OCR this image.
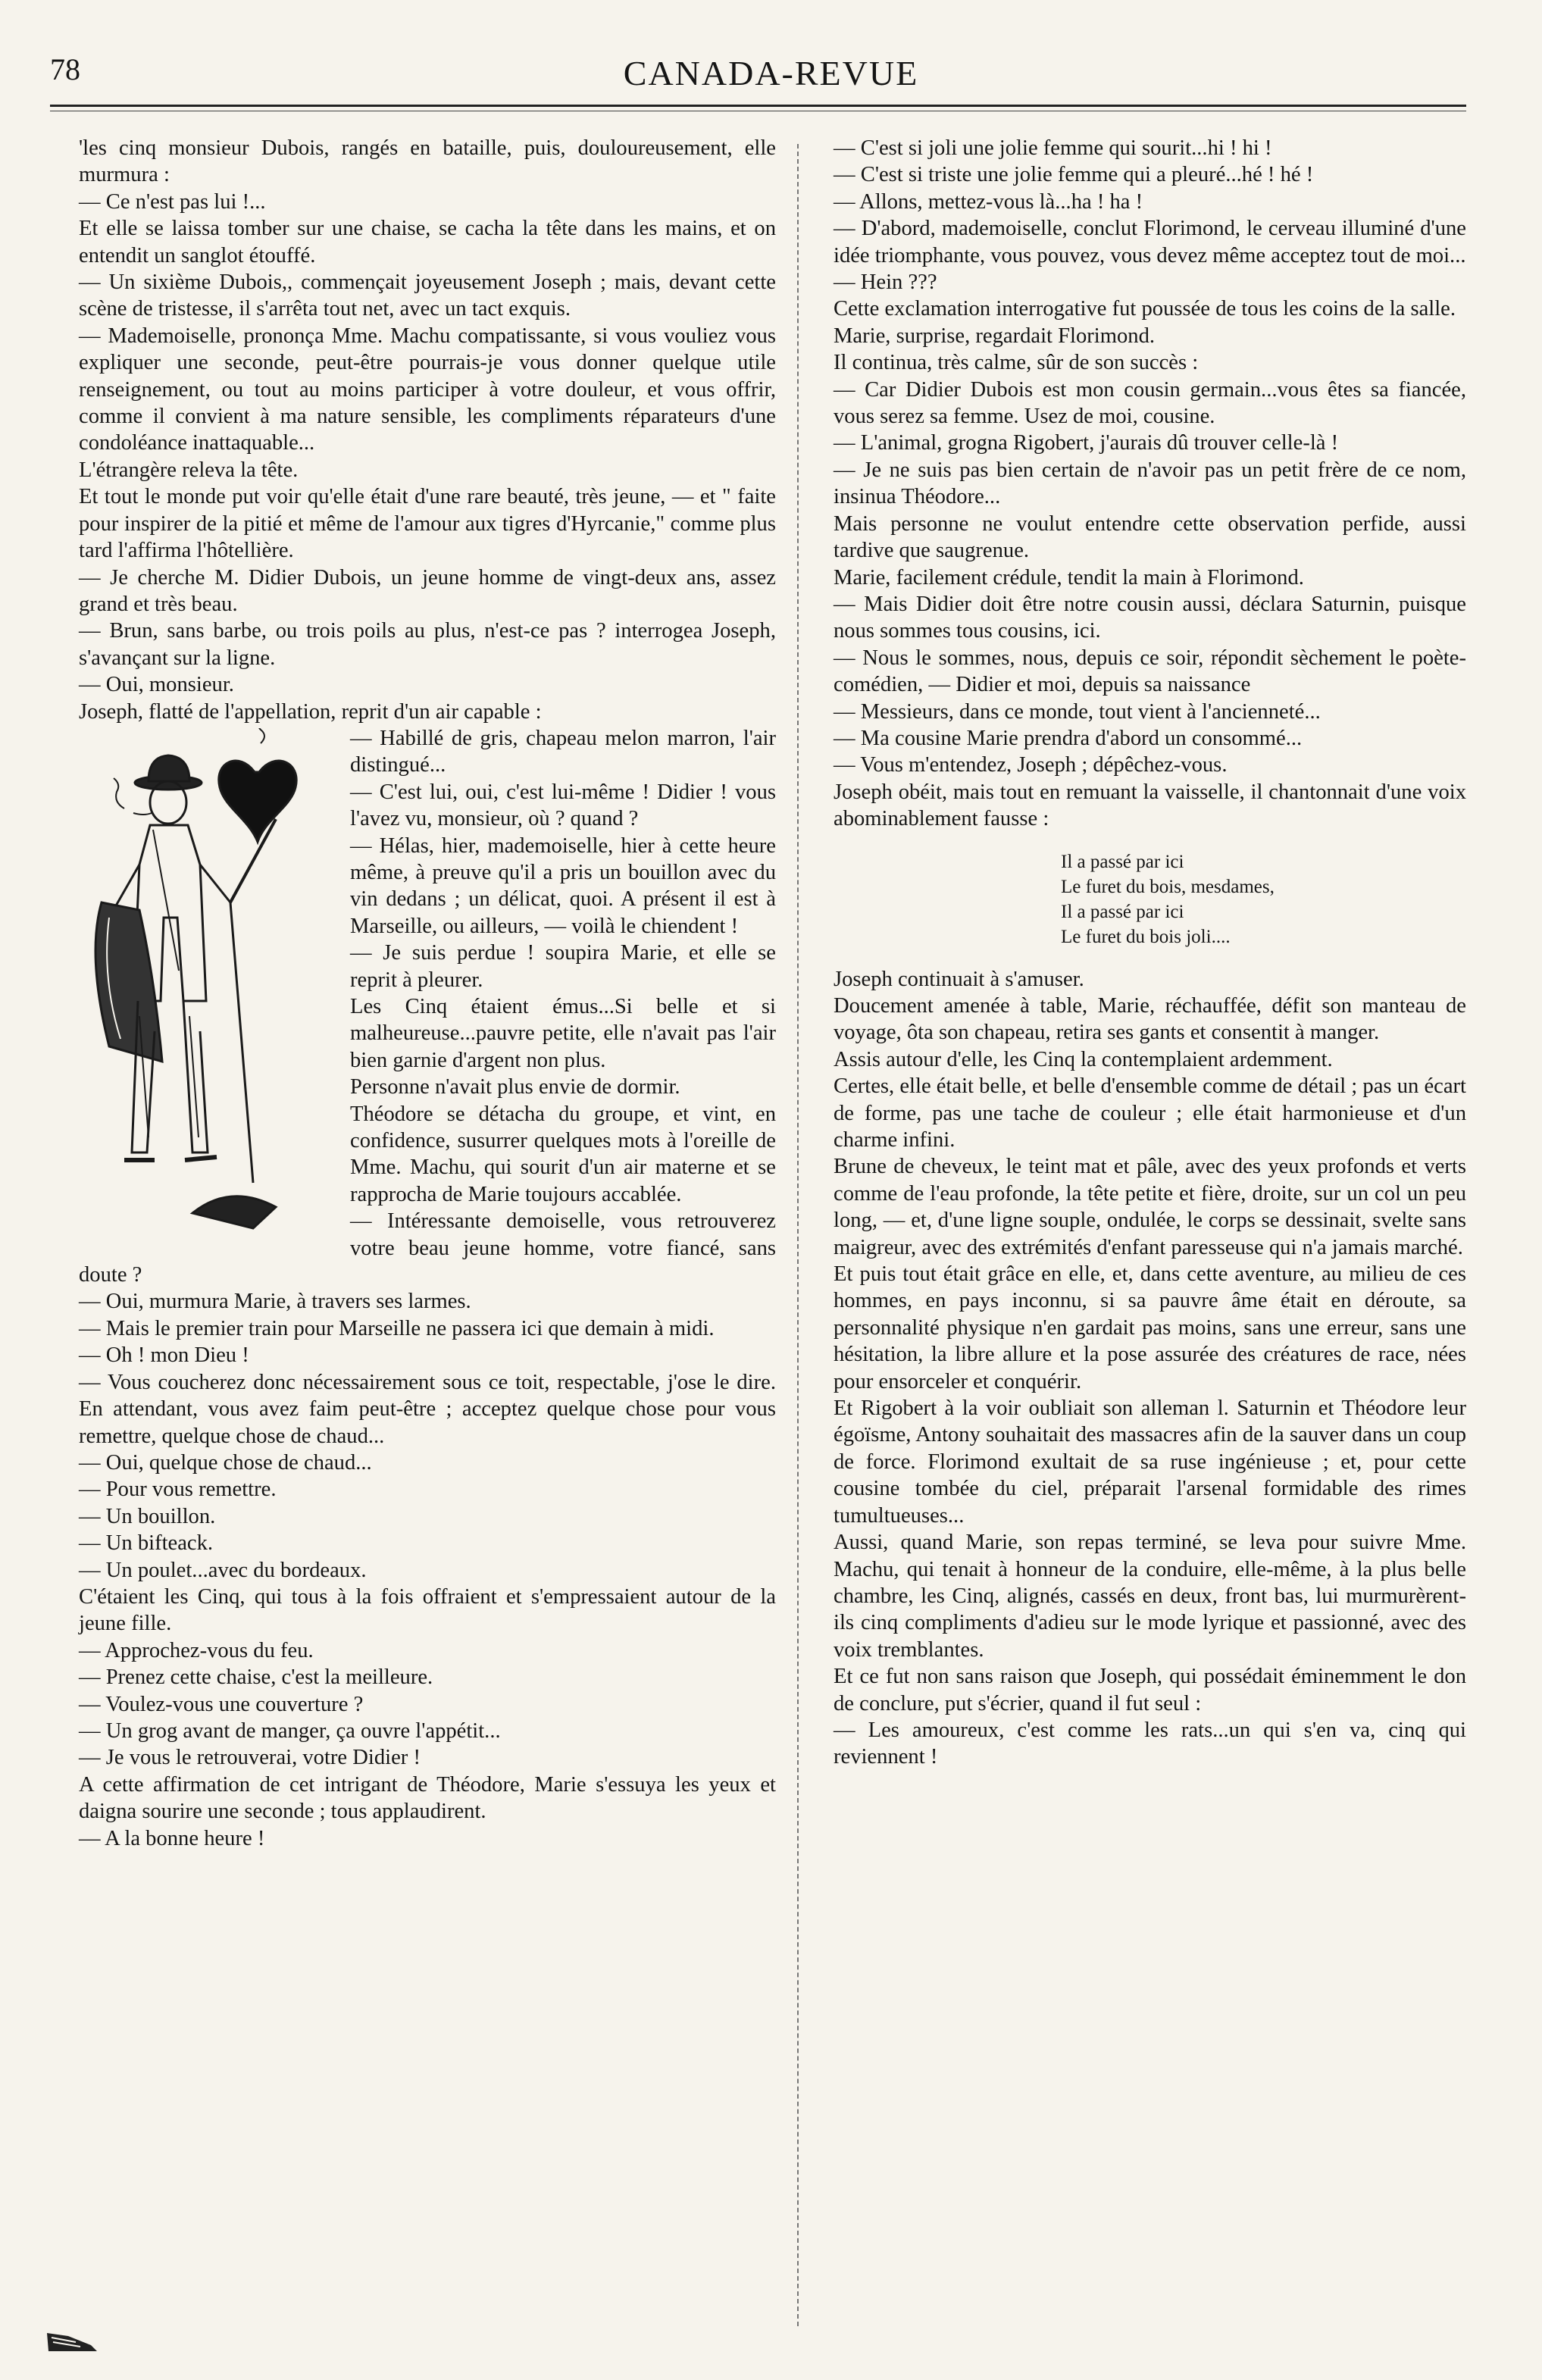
78	CANADA-REVUE

'les cinq monsieur Dubois, rangés en bataille, puis, douloureusement, elle murmura :

— Ce n'est pas lui !...

Et elle se laissa tomber sur une chaise, se cacha la tête dans les mains, et on entendit un sanglot étouffé.

— Un sixième Dubois,, commençait joyeusement Joseph ; mais, devant cette scène de tristesse, il s'arrêta tout net, avec un tact exquis.

— Mademoiselle, prononça Mme. Machu compatissante, si vous vouliez vous expliquer une seconde, peut-être pourrais-je vous donner quelque utile renseignement, ou tout au moins participer à votre douleur, et vous offrir, comme il convient à ma nature sensible, les compliments réparateurs d'une condoléance inattaquable...

L'étrangère releva la tête.

Et tout le monde put voir qu'elle était d'une rare beauté, très jeune, — et " faite pour inspirer de la pitié et même de l'amour aux tigres d'Hyrcanie," comme plus tard l'affirma l'hôtellière.

— Je cherche M. Didier Dubois, un jeune homme de vingt-deux ans, assez grand et très beau.

— Brun, sans barbe, ou trois poils au plus, n'est-ce pas ? interrogea Joseph, s'avançant sur la ligne.

— Oui, monsieur.

Joseph, flatté de l'appellation, reprit d'un air capable :

— Habillé de gris, chapeau melon marron, l'air distingué...

— C'est lui, oui, c'est lui-même ! Didier ! vous l'avez vu, monsieur, où ? quand ?

— Hélas, hier, mademoiselle, hier à cette heure même, à preuve qu'il a pris un bouillon avec du vin dedans ; un délicat, quoi. A présent il est à Marseille, ou ailleurs, — voilà le chiendent !

— Je suis perdue ! soupira Marie, et elle se reprit à pleurer.

Les Cinq étaient émus...Si belle et si malheureuse...pauvre petite, elle n'avait pas l'air bien garnie d'argent non plus.

Personne n'avait plus envie de dormir.

Théodore se détacha du groupe, et vint, en confidence, susurrer quelques mots à l'oreille de Mme. Machu, qui sourit d'un air materne et se rapprocha de Marie toujours accablée.

— Intéressante demoiselle, vous retrouverez votre beau jeune homme, votre fiancé, sans doute ?

— Oui, murmura Marie, à travers ses larmes.

— Mais le premier train pour Marseille ne passera ici que demain à midi.

— Oh ! mon Dieu !

— Vous coucherez donc nécessairement sous ce toit, respectable, j'ose le dire. En attendant, vous avez faim peut-être ; acceptez quelque chose pour vous remettre, quelque chose de chaud...

— Oui, quelque chose de chaud...

— Pour vous remettre.

— Un bouillon.

— Un bifteack.

— Un poulet...avec du bordeaux.

C'étaient les Cinq, qui tous à la fois offraient et s'empressaient autour de la jeune fille.

— Approchez-vous du feu.

— Prenez cette chaise, c'est la meilleure.

— Voulez-vous une couverture ?

— Un grog avant de manger, ça ouvre l'appétit...

— Je vous le retrouverai, votre Didier !

A cette affirmation de cet intrigant de Théodore, Marie s'essuya les yeux et daigna sourire une seconde ; tous applaudirent.

— A la bonne heure !

— C'est si joli une jolie femme qui sourit...hi ! hi !

— C'est si triste une jolie femme qui a pleuré...hé ! hé !

— Allons, mettez-vous là...ha ! ha !

— D'abord, mademoiselle, conclut Florimond, le cerveau illuminé d'une idée triomphante, vous pouvez, vous devez même acceptez tout de moi...

— Hein ???

Cette exclamation interrogative fut poussée de tous les coins de la salle.

Marie, surprise, regardait Florimond.

Il continua, très calme, sûr de son succès :

— Car Didier Dubois est mon cousin germain...vous êtes sa fiancée, vous serez sa femme. Usez de moi, cousine.

— L'animal, grogna Rigobert, j'aurais dû trouver celle-là !

— Je ne suis pas bien certain de n'avoir pas un petit frère de ce nom, insinua Théodore...

Mais personne ne voulut entendre cette observation perfide, aussi tardive que saugrenue.

Marie, facilement crédule, tendit la main à Florimond.

— Mais Didier doit être notre cousin aussi, déclara Saturnin, puisque nous sommes tous cousins, ici.

— Nous le sommes, nous, depuis ce soir, répondit sèchement le poète-comédien, — Didier et moi, depuis sa naissance

— Messieurs, dans ce monde, tout vient à l'ancienneté...

— Ma cousine Marie prendra d'abord un consommé...

— Vous m'entendez, Joseph ; dépêchez-vous.

Joseph obéit, mais tout en remuant la vaisselle, il chantonnait d'une voix abominablement fausse :

Il a passé par ici

Le furet du bois, mesdames,

Il a passé par ici

Le furet du bois joli....

Joseph continuait à s'amuser.

Doucement amenée à table, Marie, réchauffée, défit son manteau de voyage, ôta son chapeau, retira ses gants et consentit à manger.

Assis autour d'elle, les Cinq la contemplaient ardemment.

Certes, elle était belle, et belle d'ensemble comme de détail ; pas un écart de forme, pas une tache de couleur ; elle était harmonieuse et d'un charme infini.

Brune de cheveux, le teint mat et pâle, avec des yeux profonds et verts comme de l'eau profonde, la tête petite et fière, droite, sur un col un peu long, — et, d'une ligne souple, ondulée, le corps se dessinait, svelte sans maigreur, avec des extrémités d'enfant paresseuse qui n'a jamais marché.

Et puis tout était grâce en elle, et, dans cette aventure, au milieu de ces hommes, en pays inconnu, si sa pauvre âme était en déroute, sa personnalité physique n'en gardait pas moins, sans une erreur, sans une hésitation, la libre allure et la pose assurée des créatures de race, nées pour ensorceler et conquérir.

Et Rigobert à la voir oubliait son alleman l. Saturnin et Théodore leur égoïsme, Antony souhaitait des massacres afin de la sauver dans un coup de force. Florimond exultait de sa ruse ingénieuse ; et, pour cette cousine tombée du ciel, préparait l'arsenal formidable des rimes tumultueuses...

Aussi, quand Marie, son repas terminé, se leva pour suivre Mme. Machu, qui tenait à honneur de la conduire, elle-même, à la plus belle chambre, les Cinq, alignés, cassés en deux, front bas, lui murmurèrent-ils cinq compliments d'adieu sur le mode lyrique et passionné, avec des voix tremblantes.

Et ce fut non sans raison que Joseph, qui possédait éminemment le don de conclure, put s'écrier, quand il fut seul :

— Les amoureux, c'est comme les rats...un qui s'en va, cinq qui reviennent !
